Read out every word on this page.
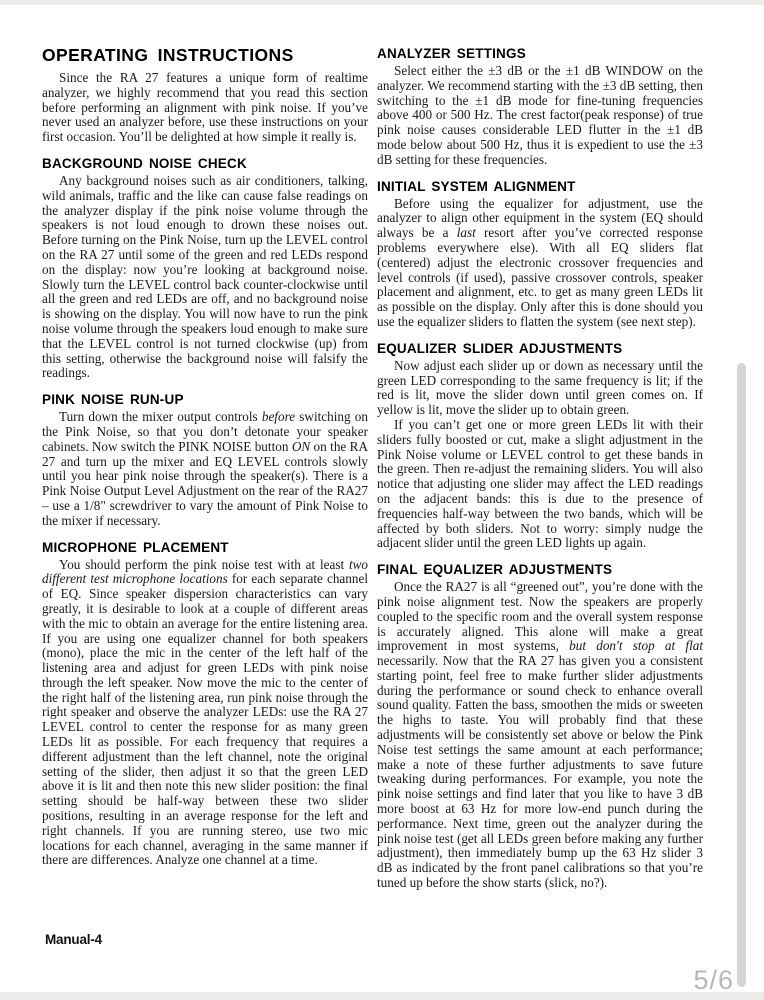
OPERATING INSTRUCTIONS

Since the RA 27 features a unique form of realtime analyzer, we highly recommend that you read this section before performing an alignment with pink noise. If you’ve never used an analyzer before, use these instructions on your first occasion. You’ll be delighted at how simple it really is.

BACKGROUND NOISE CHECK

Any background noises such as air conditioners, talking, wild animals, traffic and the like can cause false readings on the analyzer display if the pink noise volume through the speakers is not loud enough to drown these noises out. Before turning on the Pink Noise, turn up the LEVEL control on the RA 27 until some of the green and red LEDs respond on the display: now you’re looking at background noise. Slowly turn the LEVEL control back counter-clockwise until all the green and red LEDs are off, and no background noise is showing on the display. You will now have to run the pink noise volume through the speakers loud enough to make sure that the LEVEL control is not turned clockwise (up) from this setting, otherwise the background noise will falsify the readings.

PINK NOISE RUN-UP

Turn down the mixer output controls before switching on the Pink Noise, so that you don’t detonate your speaker cabinets. Now switch the PINK NOISE button ON on the RA 27 and turn up the mixer and EQ LEVEL controls slowly until you hear pink noise through the speaker(s). There is a Pink Noise Output Level Adjustment on the rear of the RA27 – use a 1/8" screwdriver to vary the amount of Pink Noise to the mixer if necessary.

MICROPHONE PLACEMENT

You should perform the pink noise test with at least two different test microphone locations for each separate channel of EQ. Since speaker dispersion characteristics can vary greatly, it is desirable to look at a couple of different areas with the mic to obtain an average for the entire listening area. If you are using one equalizer channel for both speakers (mono), place the mic in the center of the left half of the listening area and adjust for green LEDs with pink noise through the left speaker. Now move the mic to the center of the right half of the listening area, run pink noise through the right speaker and observe the analyzer LEDs: use the RA 27 LEVEL control to center the response for as many green LEDs lit as possible. For each frequency that requires a different adjustment than the left channel, note the original setting of the slider, then adjust it so that the green LED above it is lit and then note this new slider position: the final setting should be half-way between these two slider positions, resulting in an average response for the left and right channels. If you are running stereo, use two mic locations for each channel, averaging in the same manner if there are differences. Analyze one channel at a time.

ANALYZER SETTINGS

Select either the ±3 dB or the ±1 dB WINDOW on the analyzer. We recommend starting with the ±3 dB setting, then switching to the ±1 dB mode for fine-tuning frequencies above 400 or 500 Hz. The crest factor(peak response) of true pink noise causes considerable LED flutter in the ±1 dB mode below about 500 Hz, thus it is expedient to use the ±3 dB setting for these frequencies.

INITIAL SYSTEM ALIGNMENT

Before using the equalizer for adjustment, use the analyzer to align other equipment in the system (EQ should always be a last resort after you’ve corrected response problems everywhere else). With all EQ sliders flat (centered) adjust the electronic crossover frequencies and level controls (if used), passive crossover controls, speaker placement and alignment, etc. to get as many green LEDs lit as possible on the display. Only after this is done should you use the equalizer sliders to flatten the system (see next step).

EQUALIZER SLIDER ADJUSTMENTS

Now adjust each slider up or down as necessary until the green LED corresponding to the same frequency is lit; if the red is lit, move the slider down until green comes on. If yellow is lit, move the slider up to obtain green.

If you can’t get one or more green LEDs lit with their sliders fully boosted or cut, make a slight adjustment in the Pink Noise volume or LEVEL control to get these bands in the green. Then re-adjust the remaining sliders. You will also notice that adjusting one slider may affect the LED readings on the adjacent bands: this is due to the presence of frequencies half-way between the two bands, which will be affected by both sliders. Not to worry: simply nudge the adjacent slider until the green LED lights up again.

FINAL EQUALIZER ADJUSTMENTS

Once the RA27 is all “greened out”, you’re done with the pink noise alignment test. Now the speakers are properly coupled to the specific room and the overall system response is accurately aligned. This alone will make a great improvement in most systems, but don't stop at flat necessarily. Now that the RA 27 has given you a consistent starting point, feel free to make further slider adjustments during the performance or sound check to enhance overall sound quality. Fatten the bass, smoothen the mids or sweeten the highs to taste. You will probably find that these adjustments will be consistently set above or below the Pink Noise test settings the same amount at each performance; make a note of these further adjustments to save future tweaking during performances. For example, you note the pink noise settings and find later that you like to have 3 dB more boost at 63 Hz for more low-end punch during the performance. Next time, green out the analyzer during the pink noise test (get all LEDs green before making any further adjustment), then immediately bump up the 63 Hz slider 3 dB as indicated by the front panel calibrations so that you’re tuned up before the show starts (slick, no?).

Manual-4
5/6
